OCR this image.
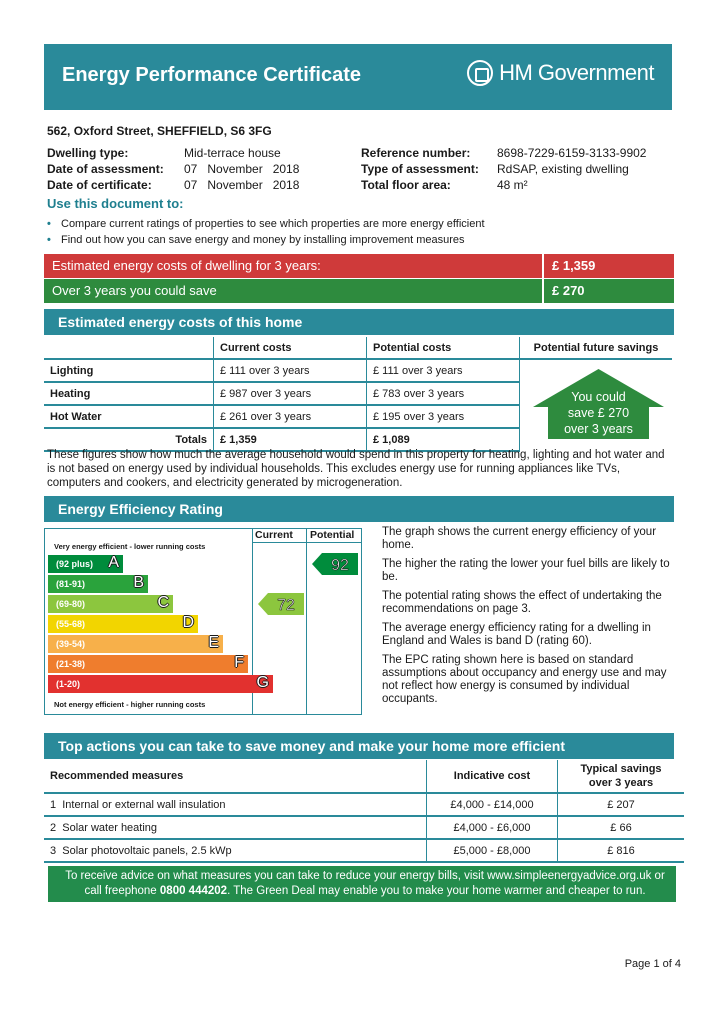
Energy Performance Certificate	HM Government
562, Oxford Street, SHEFFIELD, S6 3FG
Dwelling type:	Mid-terrace house
Date of assessment: 07   November   2018
Date of certificate:	07   November   2018
Reference number: 8698-7229-6159-3133-9902
Type of assessment: RdSAP, existing dwelling
Total floor area:	48 m²
Use this document to:
• Compare current ratings of properties to see which properties are more energy efficient
• Find out how you can save energy and money by installing improvement measures
Estimated energy costs of dwelling for 3 years:	£ 1,359
Over 3 years you could save	£ 270
Estimated energy costs of this home
	Current costs	Potential costs	Potential future savings
Lighting	£ 111 over 3 years	£ 111 over 3 years	
Heating	£ 987 over 3 years	£ 783 over 3 years	
Hot Water	£ 261 over 3 years	£ 195 over 3 years	
Totals	£ 1,359	£ 1,089	
You could
save £ 270
over 3 years
These figures show how much the average household would spend in this property for heating, lighting and hot water and is not based on energy used by individual households. This excludes energy use for running appliances like TVs, computers and cookers, and electricity generated by microgeneration.
Energy Efficiency Rating
Current Potential
Very energy efficient - lower running costs
Not energy efficient - higher running costs
(92 plus) A
(81-91)	B
(69-80)	C
(55-68)	D
(39-54)	E
(21-38)	F
(1-20)	G
72
92

The graph shows the current energy efficiency of your home.

The higher the rating the lower your fuel bills are likely to be.

The potential rating shows the effect of undertaking the recommendations on page 3.

The average energy efficiency rating for a dwelling in England and Wales is band D (rating 60).

The EPC rating shown here is based on standard assumptions about occupancy and energy use and may not reflect how energy is consumed by individual occupants.

Top actions you can take to save money and make your home more efficient
Recommended measures	Indicative cost	Typical savings
over 3 years

1 Internal or external wall insulation	£4,000 - £14,000	£ 207
2 Solar water heating	£4,000 - £6,000	£ 66
3 Solar photovoltaic panels, 2.5 kWp	£5,000 - £8,000	£ 816
To receive advice on what measures you can take to reduce your energy bills, visit www.simpleenergyadvice.org.uk or call freephone 0800 444202. The Green Deal may enable you to make your home warmer and cheaper to run.
Page 1 of 4
